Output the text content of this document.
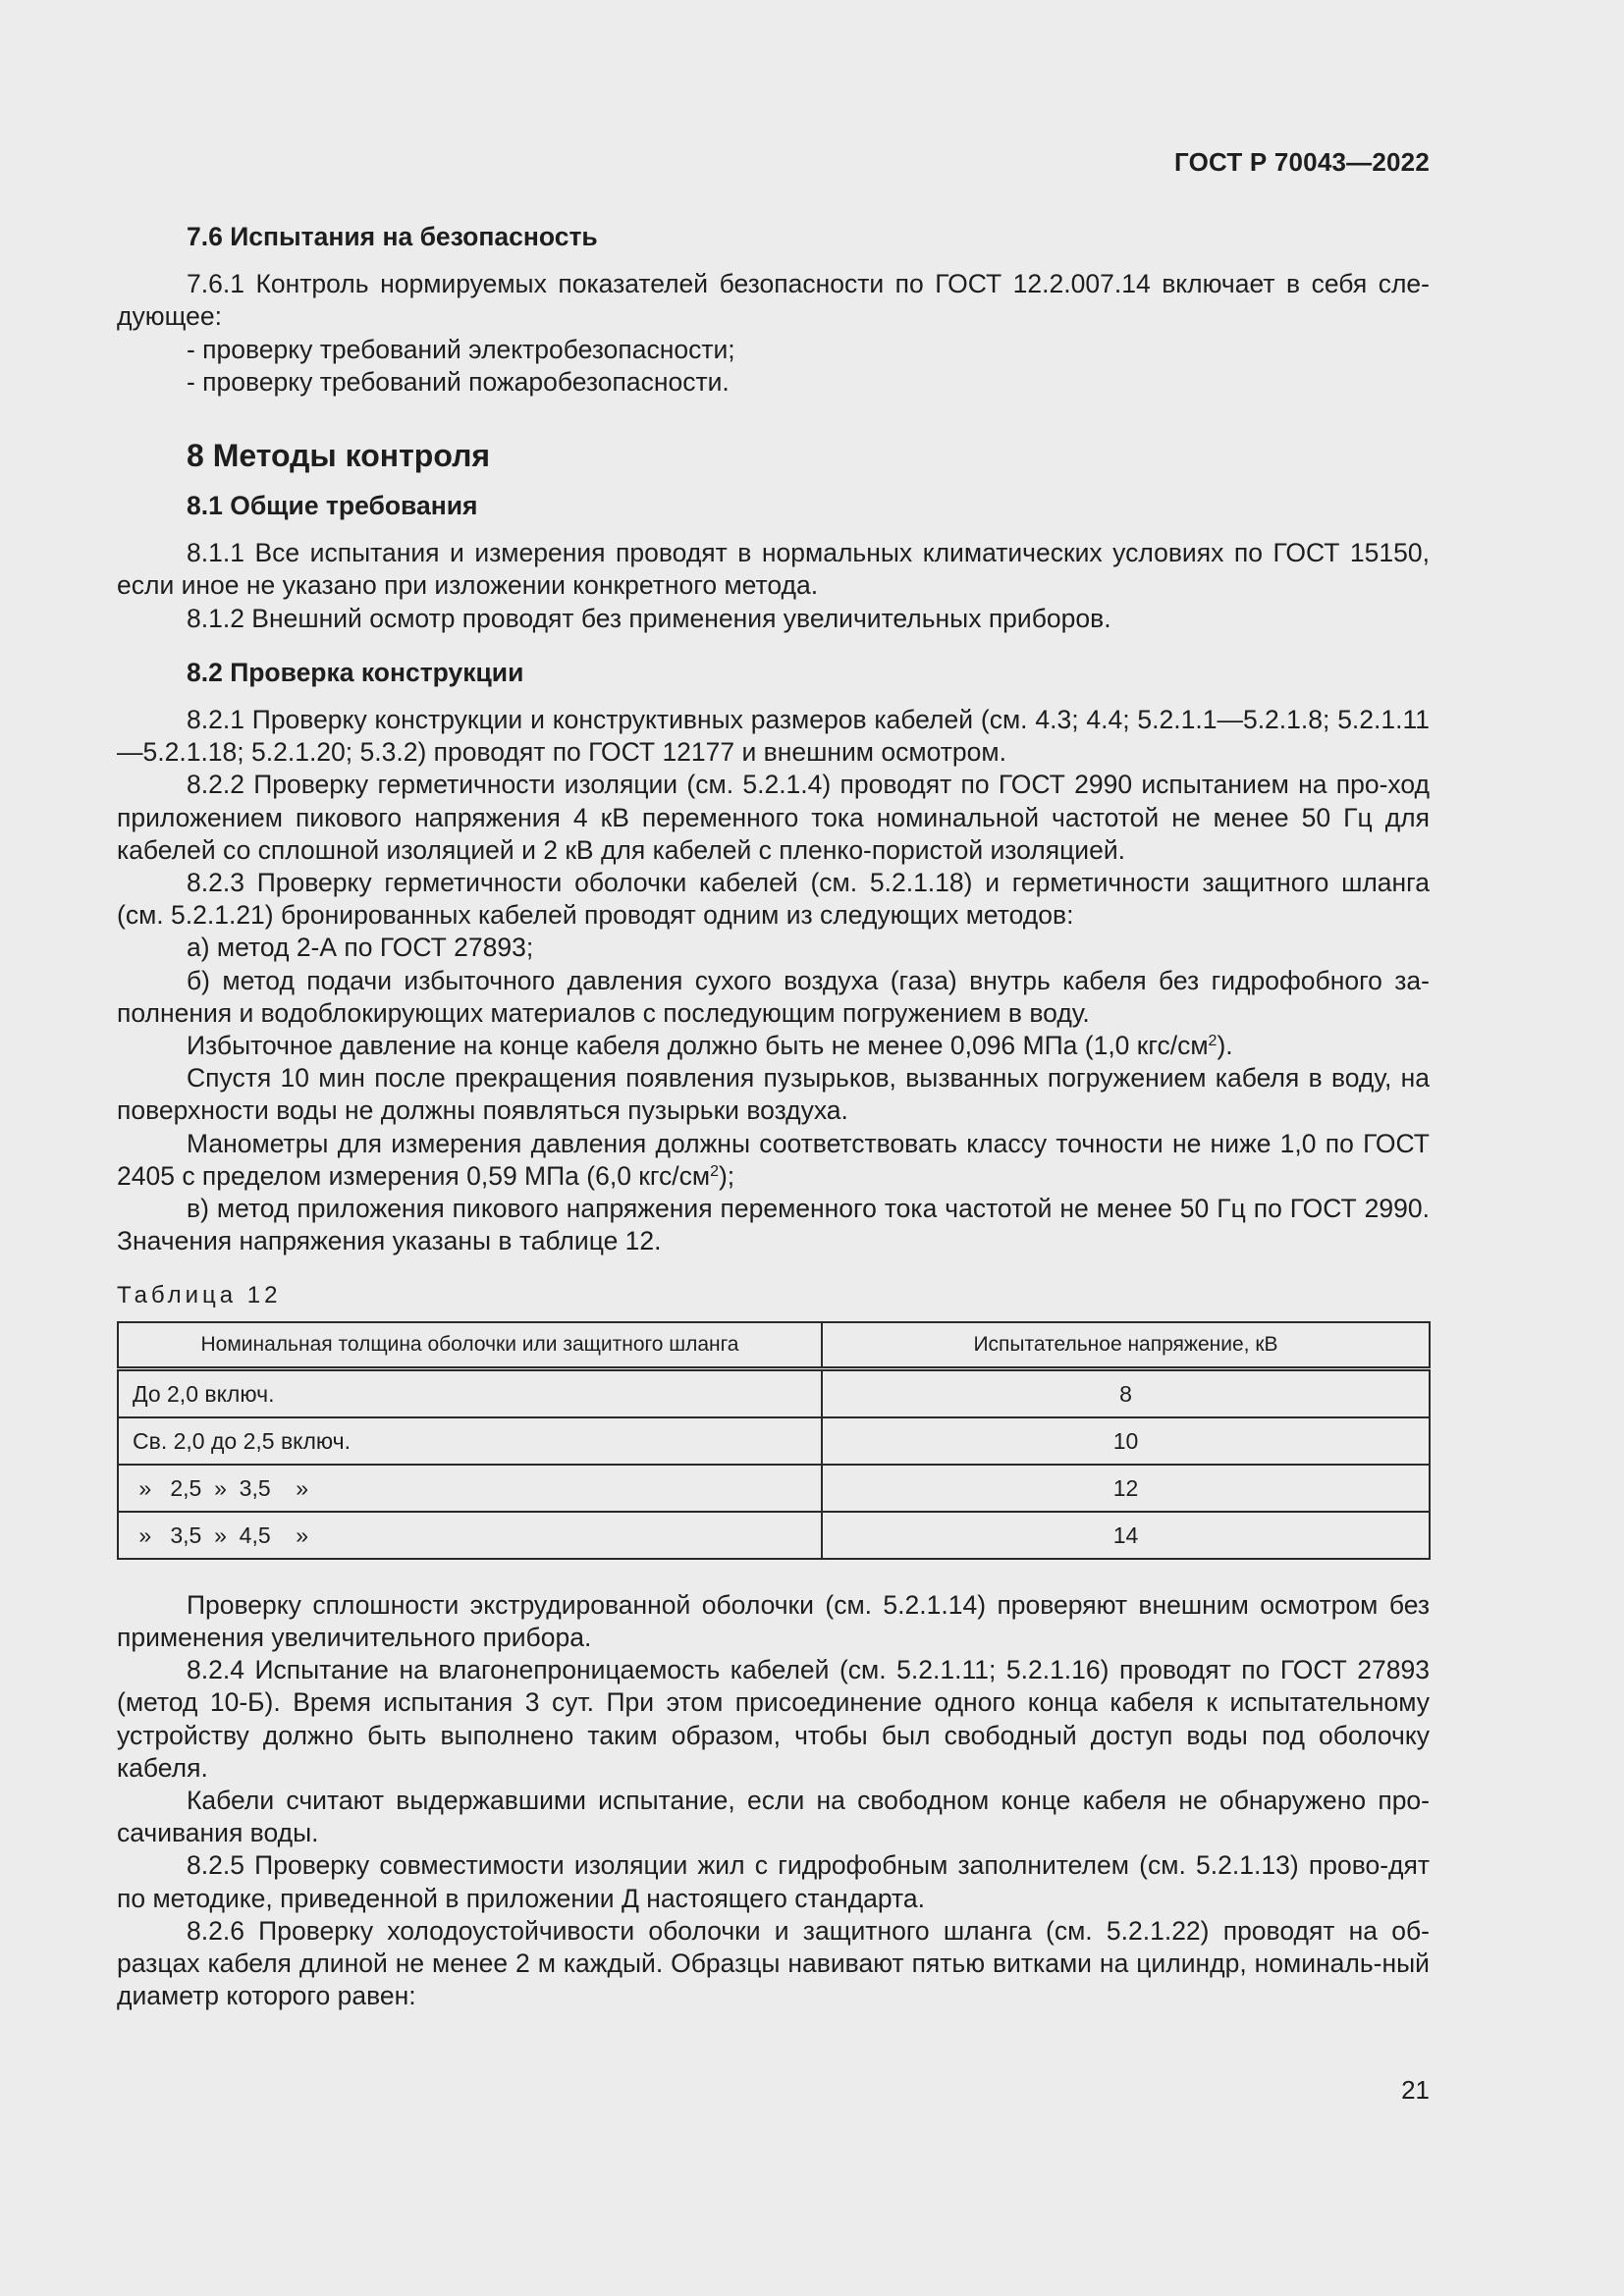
ГОСТ Р 70043—2022

7.6 Испытания на безопасность

7.6.1 Контроль нормируемых показателей безопасности по ГОСТ 12.2.007.14 включает в себя сле-дующее:

- проверку требований электробезопасности;

- проверку требований пожаробезопасности.

8 Методы контроля

8.1 Общие требования

8.1.1 Все испытания и измерения проводят в нормальных климатических условиях по ГОСТ 15150, если иное не указано при изложении конкретного метода.

8.1.2 Внешний осмотр проводят без применения увеличительных приборов.

8.2 Проверка конструкции

8.2.1 Проверку конструкции и конструктивных размеров кабелей (см. 4.3; 4.4; 5.2.1.1—5.2.1.8; 5.2.1.11—5.2.1.18; 5.2.1.20; 5.3.2) проводят по ГОСТ 12177 и внешним осмотром.

8.2.2 Проверку герметичности изоляции (см. 5.2.1.4) проводят по ГОСТ 2990 испытанием на про-ход приложением пикового напряжения 4 кВ переменного тока номинальной частотой не менее 50 Гц для кабелей со сплошной изоляцией и 2 кВ для кабелей с пленко-пористой изоляцией.

8.2.3 Проверку герметичности оболочки кабелей (см. 5.2.1.18) и герметичности защитного шланга (см. 5.2.1.21) бронированных кабелей проводят одним из следующих методов:

а) метод 2-А по ГОСТ 27893;

б) метод подачи избыточного давления сухого воздуха (газа) внутрь кабеля без гидрофобного за-полнения и водоблокирующих материалов с последующим погружением в воду.

Избыточное давление на конце кабеля должно быть не менее 0,096 МПа (1,0 кгс/$см^2$).

Спустя 10 мин после прекращения появления пузырьков, вызванных погружением кабеля в воду, на поверхности воды не должны появляться пузырьки воздуха.

Манометры для измерения давления должны соответствовать классу точности не ниже 1,0 по ГОСТ 2405 с пределом измерения 0,59 МПа (6,0 кгс/$см^2$);

в) метод приложения пикового напряжения переменного тока частотой не менее 50 Гц по ГОСТ 2990. Значения напряжения указаны в таблице 12.

Таблица 12
Номинальная толщина оболочки или защитного шланга	Испытательное напряжение, кВ
До 2,0 включ.	8
Св. 2,0 до 2,5 включ.	10
»   2,5  »  3,5    »	12
»   3,5  »  4,5    »	14

Проверку сплошности экструдированной оболочки (см. 5.2.1.14) проверяют внешним осмотром без применения увеличительного прибора.

8.2.4 Испытание на влагонепроницаемость кабелей (см. 5.2.1.11; 5.2.1.16) проводят по ГОСТ 27893 (метод 10-Б). Время испытания 3 сут. При этом присоединение одного конца кабеля к испытательному устройству должно быть выполнено таким образом, чтобы был свободный доступ воды под оболочку кабеля.

Кабели считают выдержавшими испытание, если на свободном конце кабеля не обнаружено про-сачивания воды.

8.2.5 Проверку совместимости изоляции жил с гидрофобным заполнителем (см. 5.2.1.13) прово-дят по методике, приведенной в приложении Д настоящего стандарта.

8.2.6 Проверку холодоустойчивости оболочки и защитного шланга (см. 5.2.1.22) проводят на об-разцах кабеля длиной не менее 2 м каждый. Образцы навивают пятью витками на цилиндр, номиналь-ный диаметр которого равен:

21
